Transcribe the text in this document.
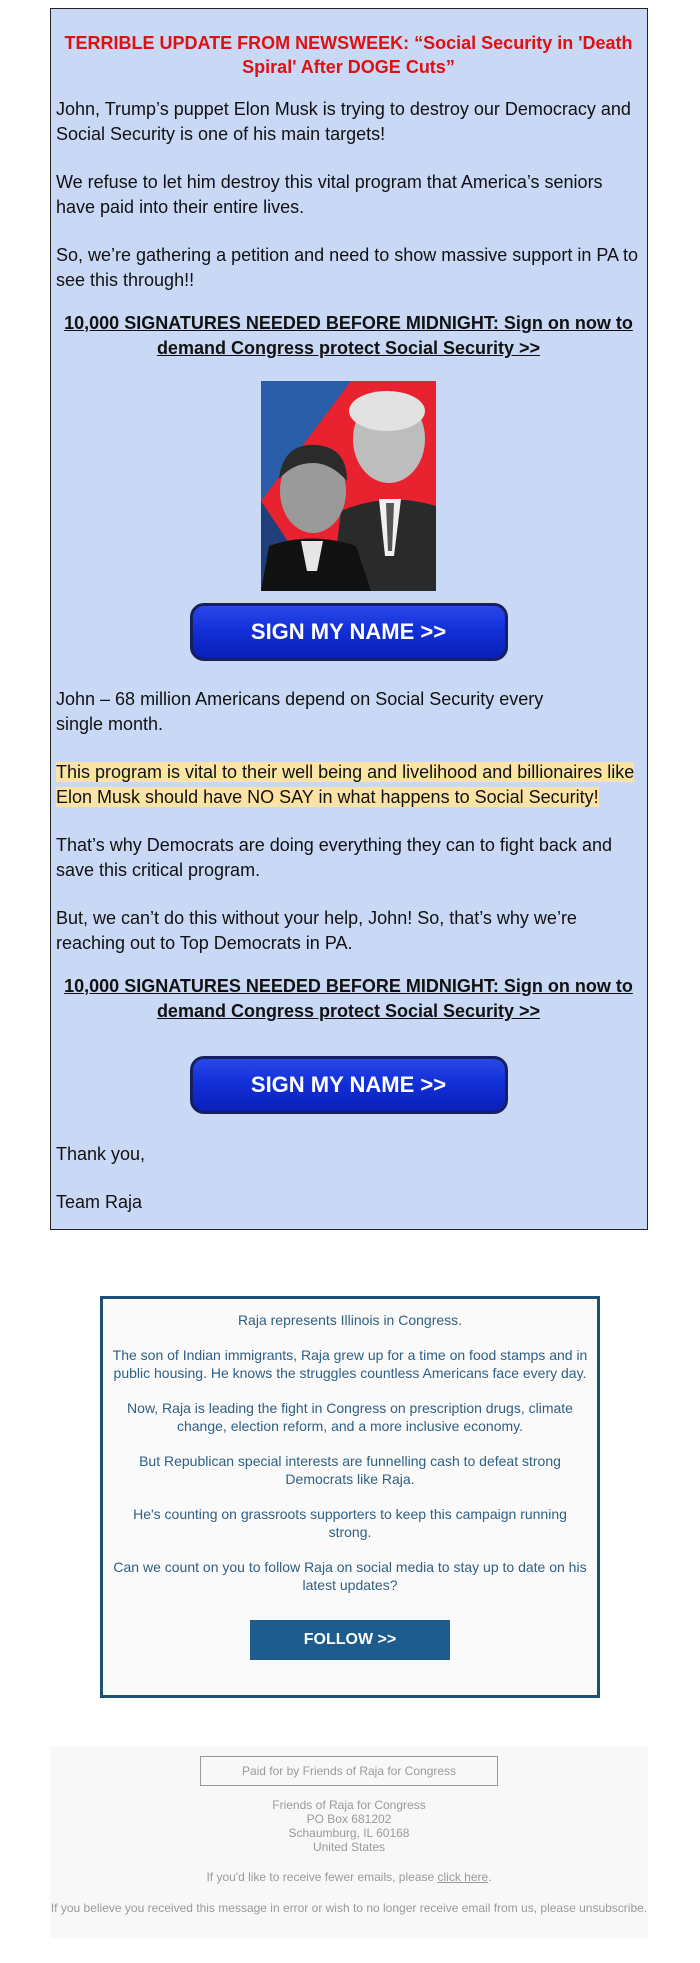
TERRIBLE UPDATE FROM NEWSWEEK: “Social Security in 'Death Spiral' After DOGE Cuts”

John, Trump’s puppet Elon Musk is trying to destroy our Democracy and Social Security is one of his main targets!

We refuse to let him destroy this vital program that America’s seniors have paid into their entire lives.

So, we’re gathering a petition and need to show massive support in PA to see this through!!

10,000 SIGNATURES NEEDED BEFORE MIDNIGHT: Sign on now to demand Congress protect Social Security >>
SIGN MY NAME >>

John – 68 million Americans depend on Social Security every
single month.

This program is vital to their well being and livelihood and billionaires like Elon Musk should have NO SAY in what happens to Social Security!

That’s why Democrats are doing everything they can to fight back and save this critical program.

But, we can’t do this without your help, John! So, that’s why we’re reaching out to Top Democrats in PA.

10,000 SIGNATURES NEEDED BEFORE MIDNIGHT: Sign on now to demand Congress protect Social Security >>
SIGN MY NAME >>

Thank you,

Team Raja

Raja represents Illinois in Congress.

The son of Indian immigrants, Raja grew up for a time on food stamps and in public housing. He knows the struggles countless Americans face every day.

Now, Raja is leading the fight in Congress on prescription drugs, climate change, election reform, and a more inclusive economy.

But Republican special interests are funnelling cash to defeat strong Democrats like Raja.

He's counting on grassroots supporters to keep this campaign running strong.

Can we count on you to follow Raja on social media to stay up to date on his latest updates?

FOLLOW >>
Paid for by Friends of Raja for Congress
Friends of Raja for Congress
PO Box 681202
Schaumburg, IL 60168
United States
If you'd like to receive fewer emails, please click here.
If you believe you received this message in error or wish to no longer receive email from us, please unsubscribe.
